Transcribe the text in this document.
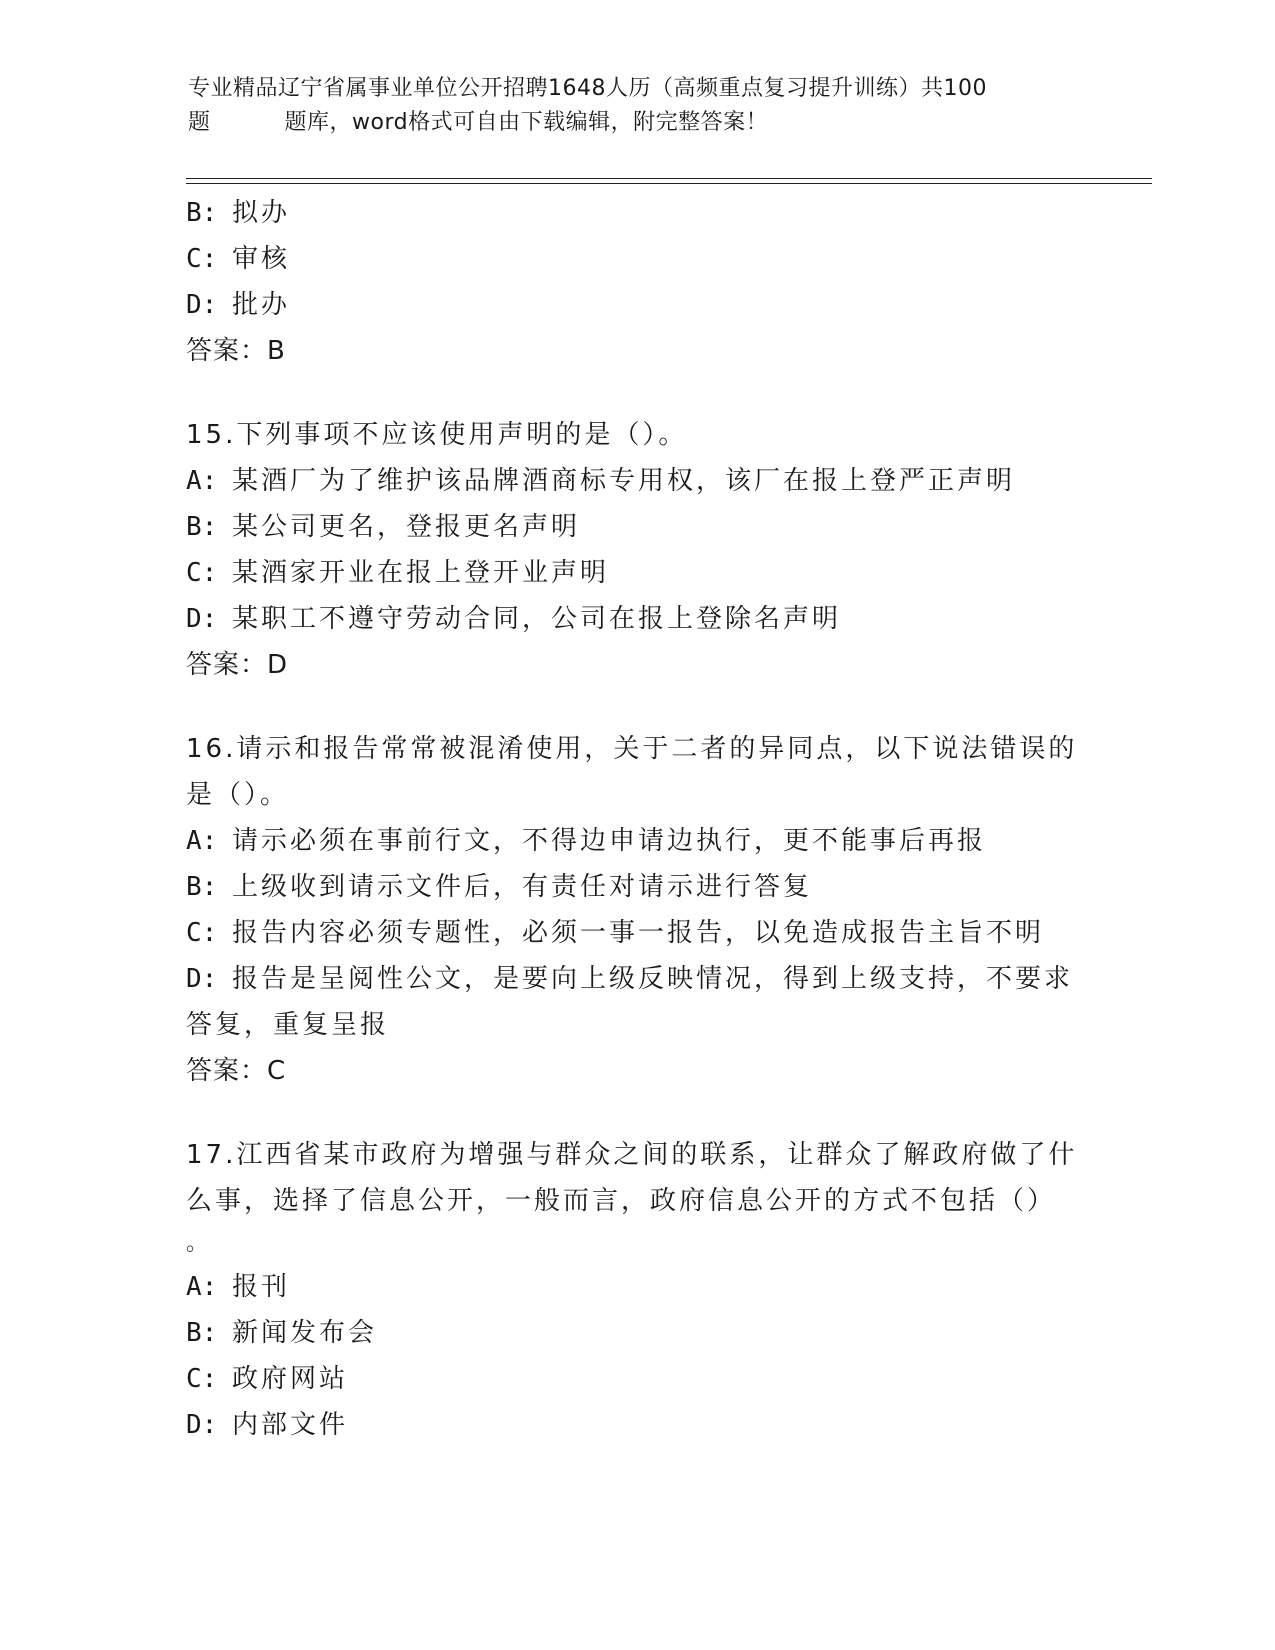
专业精品辽宁省属事业单位公开招聘1648人历（高频重点复习提升训练）共100
题	题库，word格式可自由下载编辑，附完整答案！
B: 拟办
C: 审核
D: 批办
答案：B
15.下列事项不应该使用声明的是（）。
A: 某酒厂为了维护该品牌酒商标专用权，该厂在报上登严正声明
B: 某公司更名，登报更名声明
C: 某酒家开业在报上登开业声明
D: 某职工不遵守劳动合同，公司在报上登除名声明
答案：D
16.请示和报告常常被混淆使用，关于二者的异同点，以下说法错误的
是（）。
A: 请示必须在事前行文，不得边申请边执行，更不能事后再报
B: 上级收到请示文件后，有责任对请示进行答复
C: 报告内容必须专题性，必须一事一报告，以免造成报告主旨不明
D: 报告是呈阅性公文，是要向上级反映情况，得到上级支持，不要求
答复，重复呈报
答案：C
17.江西省某市政府为增强与群众之间的联系，让群众了解政府做了什
么事，选择了信息公开，一般而言，政府信息公开的方式不包括（）
。
A: 报刊
B: 新闻发布会
C: 政府网站
D: 内部文件
